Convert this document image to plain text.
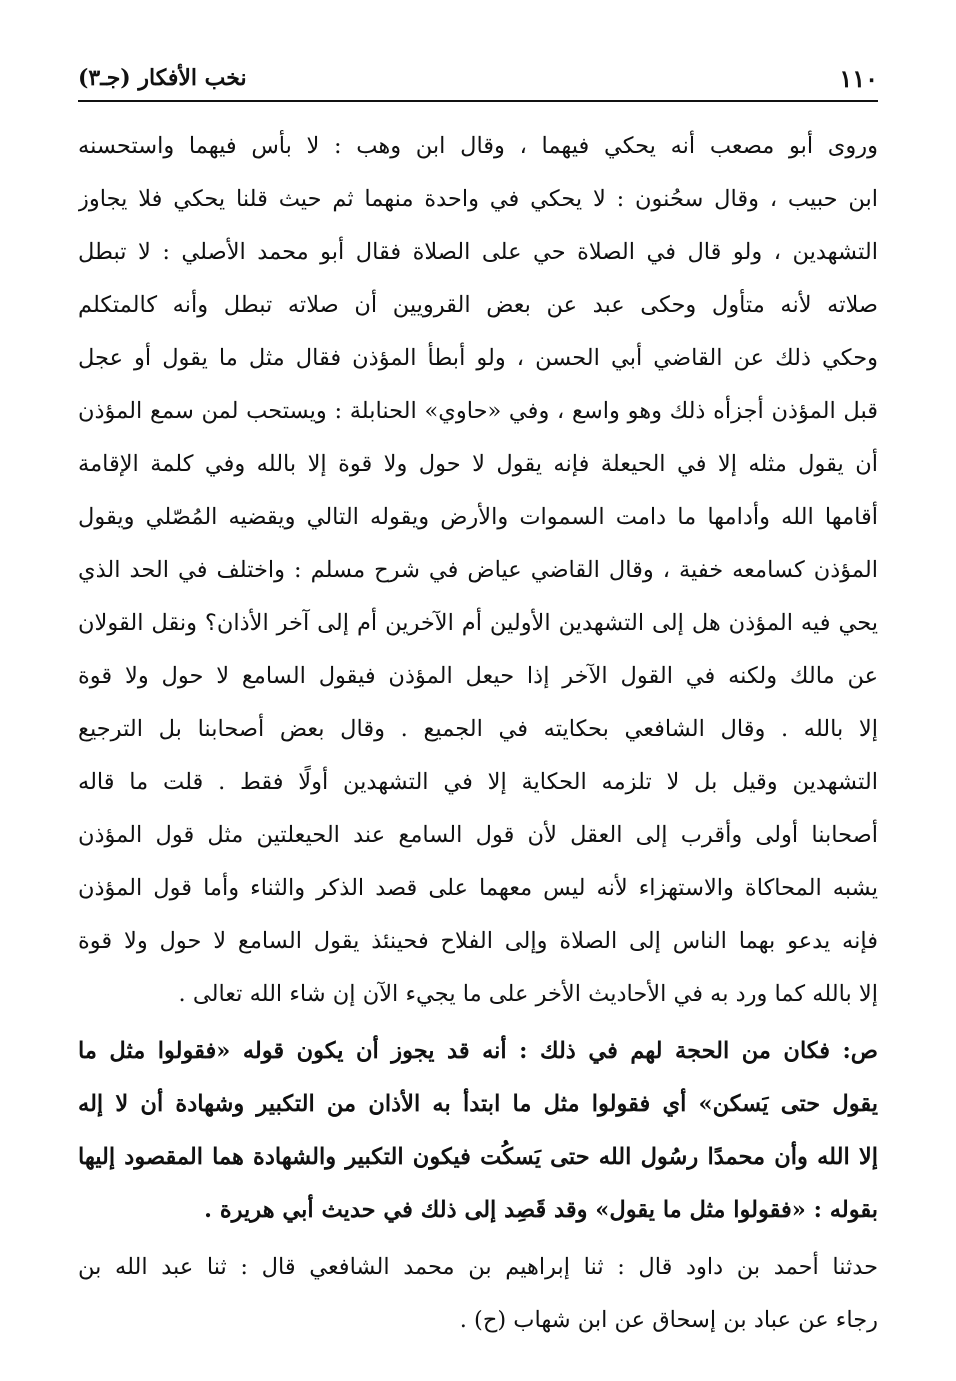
١١٠
نخب الأفكار (جـ٣)
وروى أبو مصعب أنه يحكي فيهما ، وقال ابن وهب : لا بأس فيهما واستحسنه
ابن حبيب ، وقال سحُنون : لا يحكي في واحدة منهما ثم حيث قلنا يحكي فلا يجاوز
التشهدين ، ولو قال في الصلاة حي على الصلاة فقال أبو محمد الأصلي : لا تبطل
صلاته لأنه متأول وحكى عبد عن بعض القرويين أن صلاته تبطل وأنه كالمتكلم
وحكي ذلك عن القاضي أبي الحسن ، ولو أبطأ المؤذن فقال مثل ما يقول أو عجل
قبل المؤذن أجزأه ذلك وهو واسع ، وفي «حاوي» الحنابلة : ويستحب لمن سمع المؤذن
أن يقول مثله إلا في الحيعلة فإنه يقول لا حول ولا قوة إلا بالله وفي كلمة الإقامة
أقامها الله وأدامها ما دامت السموات والأرض ويقوله التالي ويقضيه المُصّلي ويقول
المؤذن كسامعه خفية ، وقال القاضي عياض في شرح مسلم : واختلف في الحد الذي
يحي فيه المؤذن هل إلى التشهدين الأولين أم الآخرين أم إلى آخر الأذان؟ ونقل القولان
عن مالك ولكنه في القول الآخر إذا حيعل المؤذن فيقول السامع لا حول ولا قوة
إلا بالله . وقال الشافعي بحكايته في الجميع . وقال بعض أصحابنا بل الترجيع
التشهدين وقيل بل لا تلزمه الحكاية إلا في التشهدين أولًا فقط . قلت ما قاله
أصحابنا أولى وأقرب إلى العقل لأن قول السامع عند الحيعلتين مثل قول المؤذن
يشبه المحاكاة والاستهزاء لأنه ليس معهما على قصد الذكر والثناء وأما قول المؤذن
فإنه يدعو بهما الناس إلى الصلاة وإلى الفلاح فحينئذ يقول السامع لا حول ولا قوة
إلا بالله كما ورد به في الأحاديث الأخر على ما يجيء الآن إن شاء الله تعالى .
ص: فكان من الحجة لهم في ذلك : أنه قد يجوز أن يكون قوله «فقولوا مثل ما
يقول حتى يَسكن» أي فقولوا مثل ما ابتدأ به الأذان من التكبير وشهادة أن لا إله
إلا الله وأن محمدًا رسُول الله حتى يَسكُت فيكون التكبير والشهادة هما المقصود إليها
بقوله : «فقولوا مثل ما يقول» وقد قَصِد إلى ذلك في حديث أبي هريرة .
حدثنا أحمد بن داود قال : ثنا إبراهيم بن محمد الشافعي قال : ثنا عبد الله بن
رجاء عن عباد بن إسحاق عن ابن شهاب (ح) .
